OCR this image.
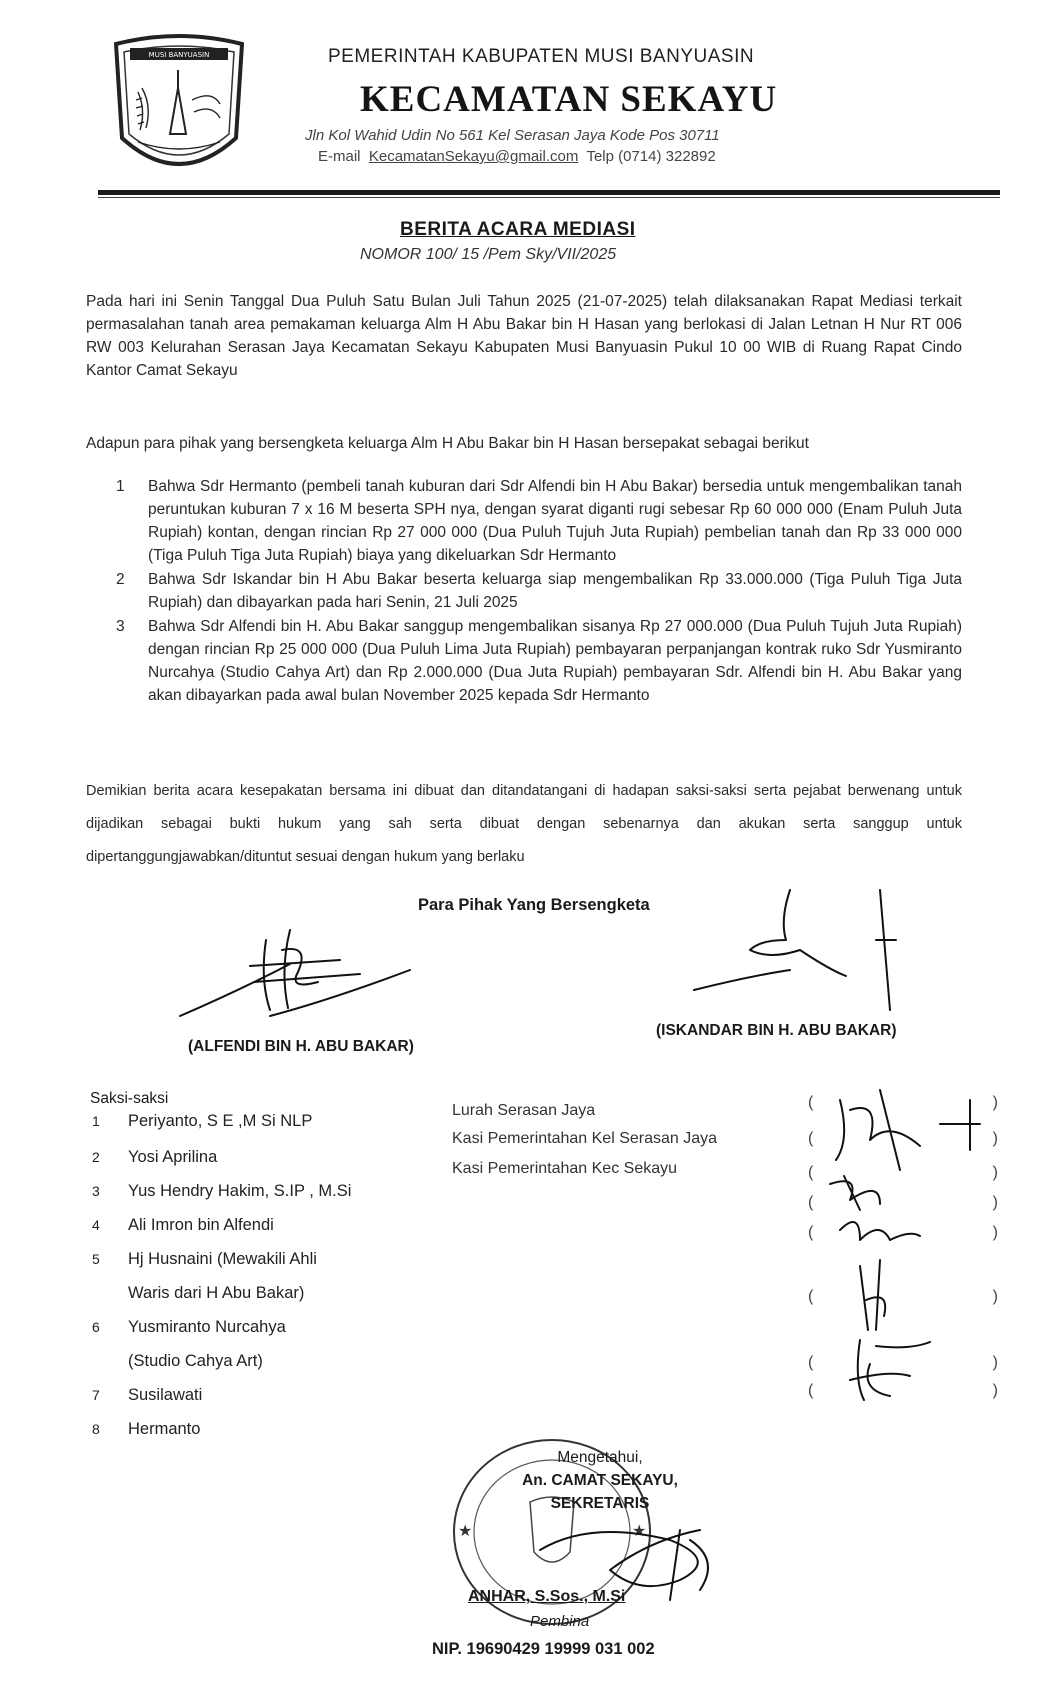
MUSI BANYUASIN	PEMERINTAH KABUPATEN MUSI BANYUASIN
KECAMATAN SEKAYU
Jln Kol Wahid Udin No 561 Kel Serasan Jaya Kode Pos 30711
E-mail KecamatanSekayu@gmail.com Telp (0714) 322892
BERITA ACARA MEDIASI
NOMOR 100/ 15 /Pem Sky/VII/2025
Pada hari ini Senin Tanggal Dua Puluh Satu Bulan Juli Tahun 2025 (21-07-2025) telah dilaksanakan Rapat Mediasi terkait permasalahan tanah area pemakaman keluarga Alm H Abu Bakar bin H Hasan yang berlokasi di Jalan Letnan H Nur RT 006 RW 003 Kelurahan Serasan Jaya Kecamatan Sekayu Kabupaten Musi Banyuasin Pukul 10 00 WIB di Ruang Rapat Cindo Kantor Camat Sekayu
Adapun para pihak yang bersengketa keluarga Alm H Abu Bakar bin H Hasan bersepakat sebagai berikut
1 Bahwa Sdr Hermanto (pembeli tanah kuburan dari Sdr Alfendi bin H Abu Bakar) bersedia untuk mengembalikan tanah peruntukan kuburan 7 x 16 M beserta SPH nya, dengan syarat diganti rugi sebesar Rp 60 000 000 (Enam Puluh Juta Rupiah) kontan, dengan rincian Rp 27 000 000 (Dua Puluh Tujuh Juta Rupiah) pembelian tanah dan Rp 33 000 000 (Tiga Puluh Tiga Juta Rupiah) biaya yang dikeluarkan Sdr Hermanto
2 Bahwa Sdr Iskandar bin H Abu Bakar beserta keluarga siap mengembalikan Rp 33.000.000 (Tiga Puluh Tiga Juta Rupiah) dan dibayarkan pada hari Senin, 21 Juli 2025
3 Bahwa Sdr Alfendi bin H. Abu Bakar sanggup mengembalikan sisanya Rp 27 000.000 (Dua Puluh Tujuh Juta Rupiah) dengan rincian Rp 25 000 000 (Dua Puluh Lima Juta Rupiah) pembayaran perpanjangan kontrak ruko Sdr Yusmiranto Nurcahya (Studio Cahya Art) dan Rp 2.000.000 (Dua Juta Rupiah) pembayaran Sdr. Alfendi bin H. Abu Bakar yang akan dibayarkan pada awal bulan November 2025 kepada Sdr Hermanto
Demikian berita acara kesepakatan bersama ini dibuat dan ditandatangani di hadapan saksi-saksi serta pejabat berwenang untuk dijadikan sebagai bukti hukum yang sah serta dibuat dengan sebenarnya dan akukan serta sanggup untuk dipertanggungjawabkan/dituntut sesuai dengan hukum yang berlaku
Para Pihak Yang Bersengketa
(ALFENDI BIN H. ABU BAKAR)
(ISKANDAR BIN H. ABU BAKAR)
Saksi-saksi
1 Periyanto, S E ,M Si NLP
2 Yosi Aprilina
3 Yus Hendry Hakim, S.IP , M.Si
4 Ali Imron bin Alfendi
5 Hj Husnaini (Mewakili Ahli
Waris dari H Abu Bakar)
6 Yusmiranto Nurcahya
(Studio Cahya Art)
7 Susilawati
8 Hermanto
Lurah Serasan Jaya
Kasi Pemerintahan Kel Serasan Jaya
Kasi Pemerintahan Kec Sekayu
(	)
(	)
(	)
(	)
(	)
(	)
(	)
(	)
★	★
Mengetahui,
An. CAMAT SEKAYU,
SEKRETARIS
ANHAR, S.Sos., M.Si
Pembina
NIP. 19690429 19999 031 002
